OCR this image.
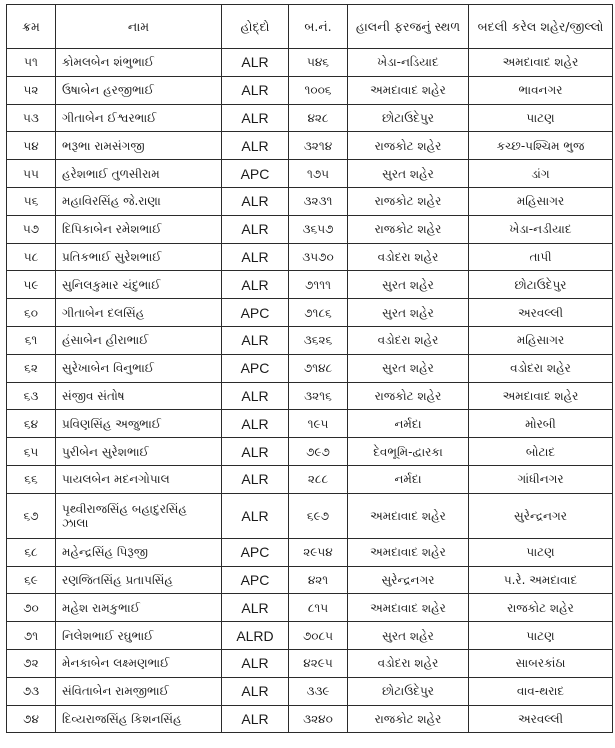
ક્રમ	નામ	હોદ્દો	બ.નં.	હાલની ફરજનું સ્થળ	બદલી કરેલ શહેર/જીલ્લો
૫૧	કોમલબેન શંભુભાઈ	ALR	૫૪૬	ખેડા-નડિયાદ	અમદાવાદ શહેર
૫૨	ઉષાબેન હરજીભાઈ	ALR	૧૦૦૬	અમદાવાદ શહેર	ભાવનગર
૫૩	ગીતાબેન ઈશ્વરભાઈ	ALR	૪૨૮	છોટાઉદેપુર	પાટણ
૫૪	ભરૂભા રામસંગજી	ALR	૩૨૧૪	રાજકોટ શહેર	કચ્છ-પશ્ચિમ ભુજ
૫૫	હરેશભાઈ તુળસીરામ	APC	૧૭૫	સુરત શહેર	ડાંગ
૫૬	મહાવિરસિંહ જે.રાણા	ALR	૩૨૩૧	રાજકોટ શહેર	મહિસાગર
૫૭	દિપિકાબેન રમેશભાઈ	ALR	૩૬૫૭	રાજકોટ શહેર	ખેડા-નડીયાદ
૫૮	પ્રતિકભાઈ સુરેશભાઈ	ALR	૩૫૭૦	વડોદરા શહેર	તાપી
૫૯	સુનિલકુમાર ચંદુભાઈ	ALR	૭૧૧૧	સુરત શહેર	છોટાઉદેપુર
૬૦	ગીતાબેન દલસિંહ	APC	૭૧૮૬	સુરત શહેર	અરવલ્લી
૬૧	હંસાબેન હીરાભાઈ	ALR	૩૬૨૬	વડોદરા શહેર	મહિસાગર
૬૨	સુરેખાબેન વિનુભાઈ	APC	૭૧૪૮	સુરત શહેર	વડોદરા શહેર
૬૩	સંજીવ સંતોષ	ALR	૩૨૧૬	રાજકોટ શહેર	અમદાવાદ શહેર
૬૪	પ્રવિણસિંહ અજુભાઈ	ALR	૧૯૫	નર્મદા	મોરબી
૬૫	પુરીબેન સુરેશભાઈ	ALR	૭૯૭	દેવભૂમિ-દ્વારકા	બોટાદ
૬૬	પાયલબેન મદનગોપાલ	ALR	૨૮૮	નર્મદા	ગાંધીનગર
૬૭	પૃથ્વીરાજસિંહ બહાદુરસિંહ ઝાલા	ALR	૬૯૭	અમદાવાદ શહેર	સુરેન્દ્રનગર
૬૮	મહેન્દ્રસિંહ પિરૂજી	APC	૨૯૫૪	અમદાવાદ શહેર	પાટણ
૬૯	રણજિતસિંહ પ્રતાપસિંહ	APC	૪૨૧	સુરેન્દ્રનગર	પ.રે. અમદાવાદ
૭૦	મહેશ રામકુભાઈ	ALR	૮૧૫	અમદાવાદ શહેર	રાજકોટ શહેર
૭૧	નિલેશભાઈ રઘુભાઈ	ALRD	૭૦૮૫	સુરત શહેર	પાટણ
૭૨	મેનકાબેન લક્ષ્મણભાઈ	ALR	૪૨૯૫	વડોદરા શહેર	સાબરકાંઠા
૭૩	સંવિતાબેન રામજીભાઈ	ALR	૩૩૯	છોટાઉદેપુર	વાવ-થરાદ
૭૪	દિવ્યરાજસિંહ કિશનસિંહ	ALR	૩૨૪૦	રાજકોટ શહેર	અરવલ્લી
